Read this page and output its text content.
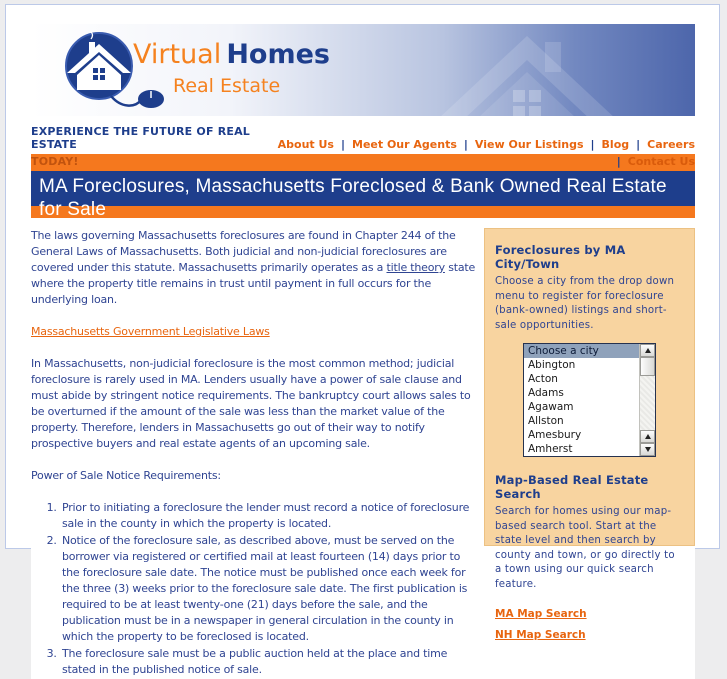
Virtual Homes
Real Estate
EXPERIENCE THE FUTURE OF REAL ESTATE	About Us | Meet Our Agents | View Our Listings | Blog | Careers
TODAY!	| Contact Us
MA Foreclosures, Massachusetts Foreclosed & Bank Owned Real Estate for Sale

The laws governing Massachusetts foreclosures are found in Chapter 244 of the General Laws of Massachusetts. Both judicial and non-judicial foreclosures are covered under this statute. Massachusetts primarily operates as a title theory state where the property title remains in trust until payment in full occurs for the underlying loan.

Massachusetts Government Legislative Laws

In Massachusetts, non-judicial foreclosure is the most common method; judicial foreclosure is rarely used in MA. Lenders usually have a power of sale clause and must abide by stringent notice requirements. The bankruptcy court allows sales to be overturned if the amount of the sale was less than the market value of the property. Therefore, lenders in Massachusetts go out of their way to notify prospective buyers and real estate agents of an upcoming sale.

Power of Sale Notice Requirements:

1. Prior to initiating a foreclosure the lender must record a notice of foreclosure sale in the county in which the property is located.
2. Notice of the foreclosure sale, as described above, must be served on the borrower via registered or certified mail at least fourteen (14) days prior to the foreclosure sale date. The notice must be published once each week for the three (3) weeks prior to the foreclosure sale date. The first publication is required to be at least twenty-one (21) days before the sale, and the publication must be in a newspaper in general circulation in the county in which the property to be foreclosed is located.
3. The foreclosure sale must be a public auction held at the place and time stated in the published notice of sale.
Foreclosures by MA City/Town

Choose a city from the drop down menu to register for foreclosure (bank-owned) listings and short-sale opportunities.

Choose a city
Abington
Acton
Adams
Agawam
Allston
Amesbury
Amherst
Map-Based Real Estate Search

Search for homes using our map-based search tool. Start at the state level and then search by county and town, or go directly to a town using our quick search feature.

MA Map Search
NH Map Search
